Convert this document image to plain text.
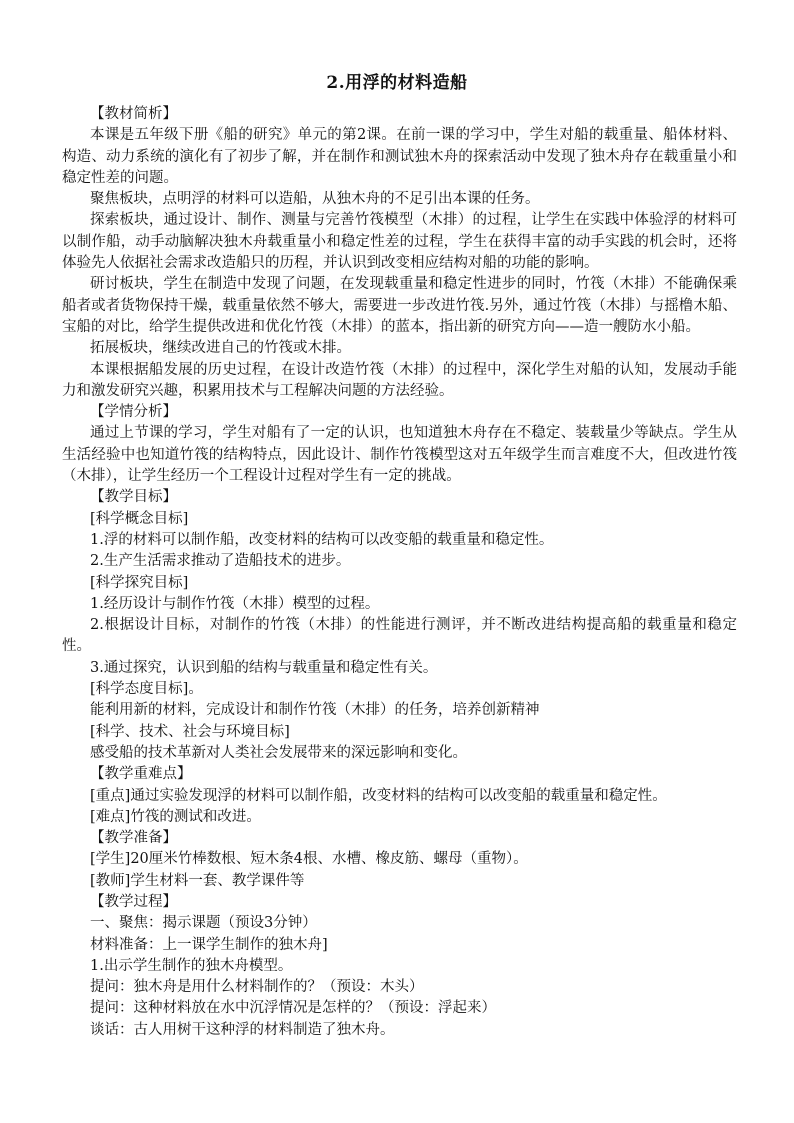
2.用浮的材料造船

【教材简析】

本课是五年级下册《船的研究》单元的第2课。在前一课的学习中，学生对船的载重量、船体材料、构造、动力系统的演化有了初步了解，并在制作和测试独木舟的探索活动中发现了独木舟存在载重量小和稳定性差的问题。

聚焦板块，点明浮的材料可以造船，从独木舟的不足引出本课的任务。

探索板块，通过设计、制作、测量与完善竹筏模型（木排）的过程，让学生在实践中体验浮的材料可以制作船，动手动脑解决独木舟载重量小和稳定性差的过程，学生在获得丰富的动手实践的机会时，还将体验先人依据社会需求改造船只的历程，并认识到改变相应结构对船的功能的影响。

研讨板块，学生在制造中发现了问题，在发现载重量和稳定性进步的同时，竹筏（木排）不能确保乘船者或者货物保持干燥，载重量依然不够大，需要进一步改进竹筏.另外，通过竹筏（木排）与摇橹木船、宝船的对比，给学生提供改进和优化竹筏（木排）的蓝本，指出新的研究方向——造一艘防水小船。

拓展板块，继续改进自己的竹筏或木排。

本课根据船发展的历史过程，在设计改造竹筏（木排）的过程中，深化学生对船的认知，发展动手能力和激发研究兴趣，积累用技术与工程解决问题的方法经验。

【学情分析】

通过上节课的学习，学生对船有了一定的认识，也知道独木舟存在不稳定、装载量少等缺点。学生从生活经验中也知道竹筏的结构特点，因此设计、制作竹筏模型这对五年级学生而言难度不大，但改进竹筏（木排），让学生经历一个工程设计过程对学生有一定的挑战。

【教学目标】

[科学概念目标]

1.浮的材料可以制作船，改变材料的结构可以改变船的载重量和稳定性。

2.生产生活需求推动了造船技术的进步。

[科学探究目标]

1.经历设计与制作竹筏（木排）模型的过程。

2.根据设计目标，对制作的竹筏（木排）的性能进行测评，并不断改进结构提高船的载重量和稳定性。

3.通过探究，认识到船的结构与载重量和稳定性有关。

[科学态度目标]。

能利用新的材料，完成设计和制作竹筏（木排）的任务，培养创新精神

[科学、技术、社会与环境目标]

感受船的技术革新对人类社会发展带来的深远影响和变化。

【教学重难点】

[重点]通过实验发现浮的材料可以制作船，改变材料的结构可以改变船的载重量和稳定性。

[难点]竹筏的测试和改进。

【教学准备】

[学生]20厘米竹棒数根、短木条4根、水槽、橡皮筋、螺母（重物）。

[教师]学生材料一套、教学课件等

【教学过程】

一、聚焦：揭示课题（预设3分钟）

材料准备：上一课学生制作的独木舟]

1.出示学生制作的独木舟模型。

提问：独木舟是用什么材料制作的？（预设：木头）

提问：这种材料放在水中沉浮情况是怎样的？（预设：浮起来）

谈话：古人用树干这种浮的材料制造了独木舟。
